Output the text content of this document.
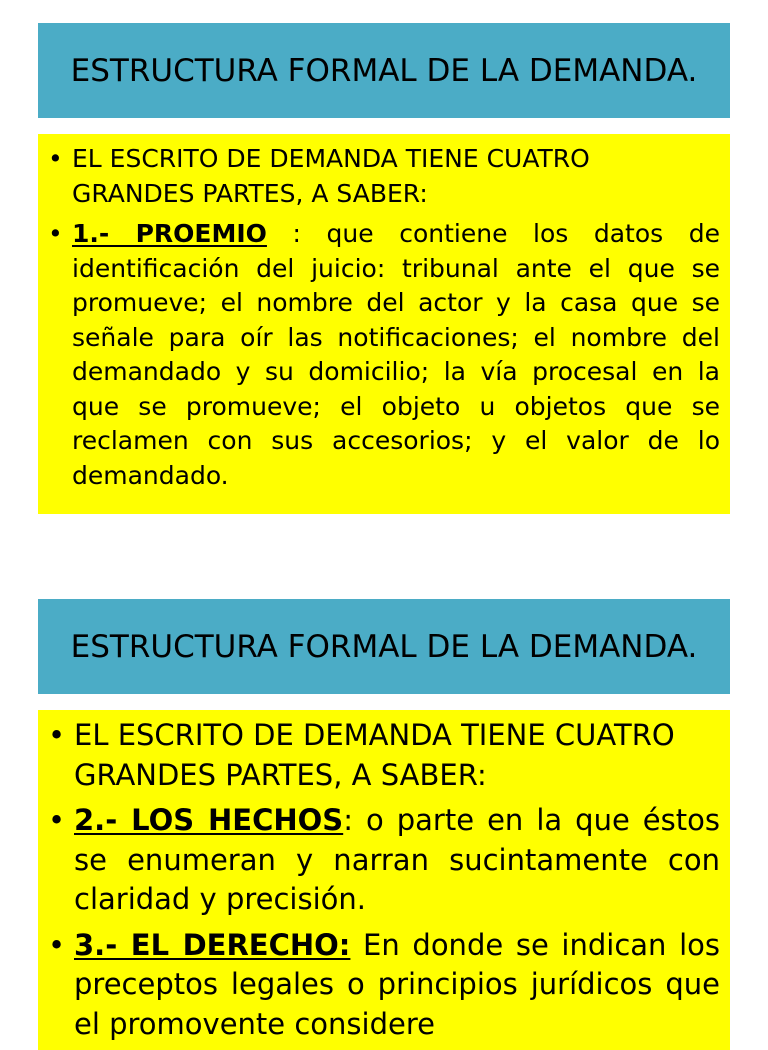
ESTRUCTURA FORMAL DE LA DEMANDA.
• EL ESCRITO DE DEMANDA TIENE CUATRO GRANDES PARTES, A SABER:
• 1.- PROEMIO : que contiene los datos de identificación del juicio: tribunal ante el que se promueve; el nombre del actor y la casa que se señale para oír las notificaciones; el nombre del demandado y su domicilio; la vía procesal en la que se promueve; el objeto u objetos que se reclamen con sus accesorios; y el valor de lo demandado.
ESTRUCTURA FORMAL DE LA DEMANDA.
• EL ESCRITO DE DEMANDA TIENE CUATRO GRANDES PARTES, A SABER:
• 2.- LOS HECHOS: o parte en la que éstos se enumeran y narran sucintamente con claridad y precisión.
• 3.- EL DERECHO: En donde se indican los preceptos legales o principios jurídicos que el promovente considere
